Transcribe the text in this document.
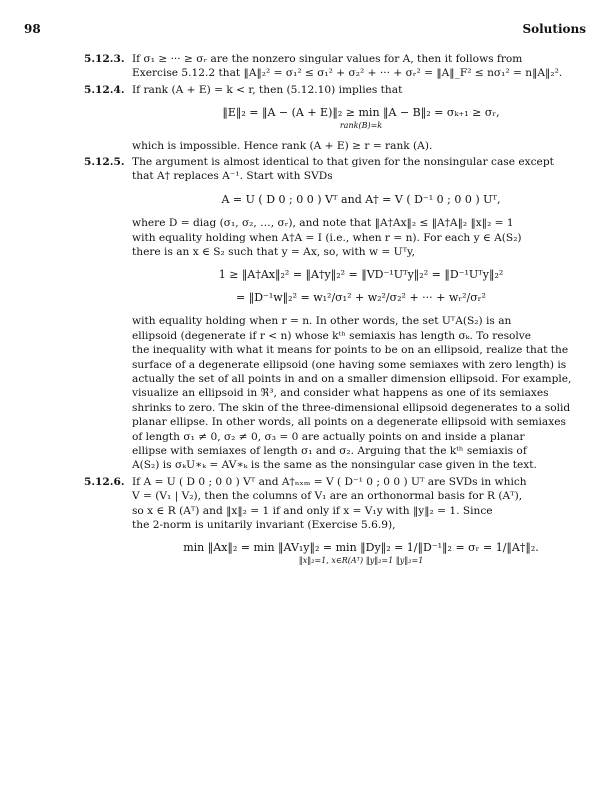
98	Solutions
5.12.3. If σ₁ ≥ ··· ≥ σᵣ are the nonzero singular values for A, then it follows from

Exercise 5.12.2 that ‖A‖₂² = σ₁² ≤ σ₁² + σ₂² + ··· + σᵣ² = ‖A‖_F² ≤ nσ₁² = n‖A‖₂².

5.12.4. If rank (A + E) = k < r, then (5.12.10) implies that

‖E‖₂ = ‖A − (A + E)‖₂ ≥ min ‖A − B‖₂ = σₖ₊₁ ≥ σᵣ,
rank(B)=k

which is impossible. Hence rank (A + E) ≥ r = rank (A).

5.12.5. The argument is almost identical to that given for the nonsingular case except

that A† replaces A⁻¹. Start with SVDs

A = U ( D 0 ; 0 0 ) Vᵀ and A† = V ( D⁻¹ 0 ; 0 0 ) Uᵀ,

where D = diag (σ₁, σ₂, …, σᵣ), and note that ‖A†Ax‖₂ ≤ ‖A†A‖₂ ‖x‖₂ = 1

with equality holding when A†A = I (i.e., when r = n). For each y ∈ A(S₂)

there is an x ∈ S₂ such that y = Ax, so, with w = Uᵀy,

1 ≥ ‖A†Ax‖₂² = ‖A†y‖₂² = ‖VD⁻¹Uᵀy‖₂² = ‖D⁻¹Uᵀy‖₂²
= ‖D⁻¹w‖₂² = w₁²/σ₁² + w₂²/σ₂² + ··· + wᵣ²/σᵣ²

with equality holding when r = n. In other words, the set UᵀA(S₂) is an

ellipsoid (degenerate if r < n) whose kᵗʰ semiaxis has length σₖ. To resolve

the inequality with what it means for points to be on an ellipsoid, realize that the

surface of a degenerate ellipsoid (one having some semiaxes with zero length) is

actually the set of all points in and on a smaller dimension ellipsoid. For example,

visualize an ellipsoid in ℜ³, and consider what happens as one of its semiaxes

shrinks to zero. The skin of the three-dimensional ellipsoid degenerates to a solid

planar ellipse. In other words, all points on a degenerate ellipsoid with semiaxes

of length σ₁ ≠ 0, σ₂ ≠ 0, σ₃ = 0 are actually points on and inside a planar

ellipse with semiaxes of length σ₁ and σ₂. Arguing that the kᵗʰ semiaxis of

A(S₂) is σₖU∗ₖ = AV∗ₖ is the same as the nonsingular case given in the text.

5.12.6. If A = U ( D 0 ; 0 0 ) Vᵀ and A†ₙₓₘ = V ( D⁻¹ 0 ; 0 0 ) Uᵀ are SVDs in which

V = (V₁ | V₂), then the columns of V₁ are an orthonormal basis for R (Aᵀ),

so x ∈ R (Aᵀ) and ‖x‖₂ = 1 if and only if x = V₁y with ‖y‖₂ = 1. Since

the 2-norm is unitarily invariant (Exercise 5.6.9),

min ‖Ax‖₂ = min ‖AV₁y‖₂ = min ‖Dy‖₂ = 1/‖D⁻¹‖₂ = σᵣ = 1/‖A†‖₂.
‖x‖₂=1, x∈R(Aᵀ) ‖y‖₂=1 ‖y‖₂=1
